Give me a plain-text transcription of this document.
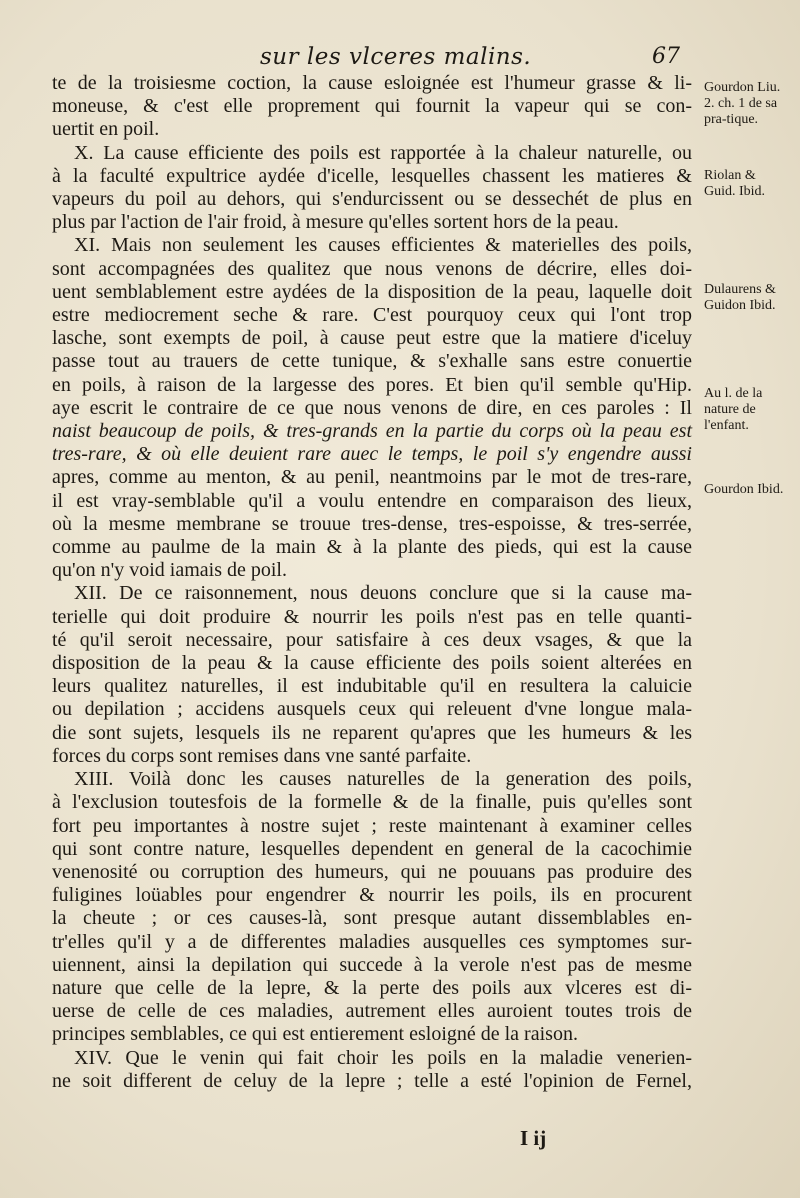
sur les vlceres malins.	67
te de la troisiesme coction, la cause esloignée est l'humeur grasse & li-
moneuse, & c'est elle proprement qui fournit la vapeur qui se con-
uertit en poil.
X. La cause efficiente des poils est rapportée à la chaleur naturelle, ou
à la faculté expultrice aydée d'icelle, lesquelles chassent les matieres &
vapeurs du poil au dehors, qui s'endurcissent ou se dessechét de plus en
plus par l'action de l'air froid, à mesure qu'elles sortent hors de la peau.
XI. Mais non seulement les causes efficientes & materielles des poils,
sont accompagnées des qualitez que nous venons de décrire, elles doi-
uent semblablement estre aydées de la disposition de la peau, laquelle doit
estre mediocrement seche & rare. C'est pourquoy ceux qui l'ont trop
lasche, sont exempts de poil, à cause peut estre que la matiere d'iceluy
passe tout au trauers de cette tunique, & s'exhalle sans estre conuertie
en poils, à raison de la largesse des pores. Et bien qu'il semble qu'Hip.
aye escrit le contraire de ce que nous venons de dire, en ces paroles : Il
naist beaucoup de poils, & tres-grands en la partie du corps où la peau est
tres-rare, & où elle deuient rare auec le temps, le poil s'y engendre aussi
apres, comme au menton, & au penil, neantmoins par le mot de tres-rare,
il est vray-semblable qu'il a voulu entendre en comparaison des lieux,
où la mesme membrane se trouue tres-dense, tres-espoisse, & tres-serrée,
comme au paulme de la main & à la plante des pieds, qui est la cause
qu'on n'y void iamais de poil.
XII. De ce raisonnement, nous deuons conclure que si la cause ma-
terielle qui doit produire & nourrir les poils n'est pas en telle quanti-
té qu'il seroit necessaire, pour satisfaire à ces deux vsages, & que la
disposition de la peau & la cause efficiente des poils soient alterées en
leurs qualitez naturelles, il est indubitable qu'il en resultera la caluicie
ou depilation ; accidens ausquels ceux qui releuent d'vne longue mala-
die sont sujets, lesquels ils ne reparent qu'apres que les humeurs & les
forces du corps sont remises dans vne santé parfaite.
XIII. Voilà donc les causes naturelles de la generation des poils,
à l'exclusion toutesfois de la formelle & de la finalle, puis qu'elles sont
fort peu importantes à nostre sujet ; reste maintenant à examiner celles
qui sont contre nature, lesquelles dependent en general de la cacochimie
venenosité ou corruption des humeurs, qui ne pouuans pas produire des
fuligines loüables pour engendrer & nourrir les poils, ils en procurent
la cheute ; or ces causes-là, sont presque autant dissemblables en-
tr'elles qu'il y a de differentes maladies ausquelles ces symptomes sur-
uiennent, ainsi la depilation qui succede à la verole n'est pas de mesme
nature que celle de la lepre, & la perte des poils aux vlceres est di-
uerse de celle de ces maladies, autrement elles auroient toutes trois de
principes semblables, ce qui est entierement esloigné de la raison.
XIV. Que le venin qui fait choir les poils en la maladie venerien-
ne soit different de celuy de la lepre ; telle a esté l'opinion de Fernel,
I ij
Gourdon Liu. 2. ch. 1 de sa pra-tique.
Riolan & Guid. Ibid.
Dulaurens & Guidon Ibid.
Au l. de la nature de l'enfant.
Gourdon Ibid.
